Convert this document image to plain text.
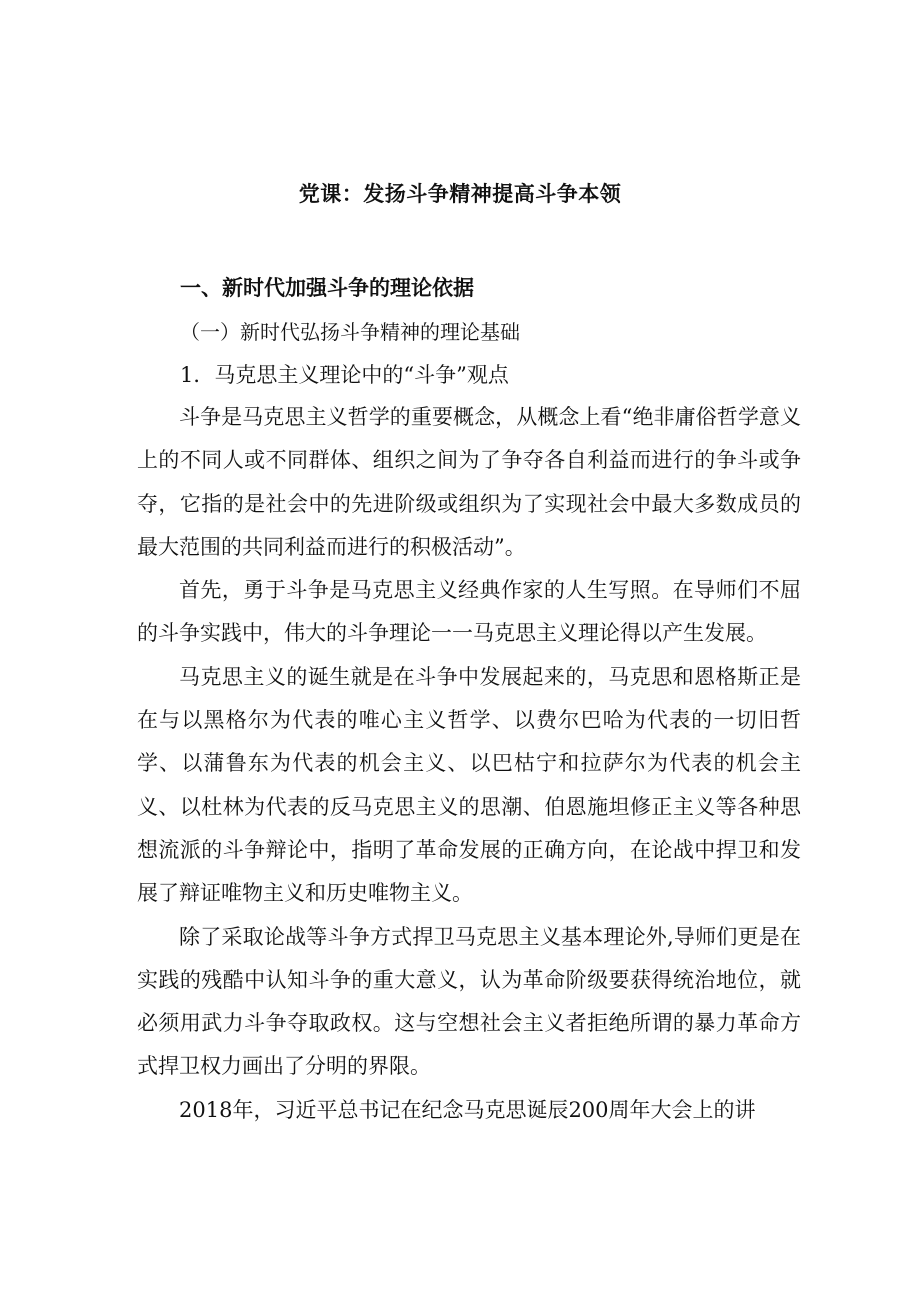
党课：发扬斗争精神提高斗争本领
一、新时代加强斗争的理论依据
（一）新时代弘扬斗争精神的理论基础
1．马克思主义理论中的“斗争”观点

斗争是马克思主义哲学的重要概念，从概念上看“绝非庸俗哲学意义上的不同人或不同群体、组织之间为了争夺各自利益而进行的争斗或争夺，它指的是社会中的先进阶级或组织为了实现社会中最大多数成员的最大范围的共同利益而进行的积极活动”。

首先，勇于斗争是马克思主义经典作家的人生写照。在导师们不屈的斗争实践中，伟大的斗争理论一一马克思主义理论得以产生发展。

马克思主义的诞生就是在斗争中发展起来的，马克思和恩格斯正是在与以黑格尔为代表的唯心主义哲学、以费尔巴哈为代表的一切旧哲学、以蒲鲁东为代表的机会主义、以巴枯宁和拉萨尔为代表的机会主义、以杜林为代表的反马克思主义的思潮、伯恩施坦修正主义等各种思想流派的斗争辩论中，指明了革命发展的正确方向，在论战中捍卫和发展了辩证唯物主义和历史唯物主义。

除了采取论战等斗争方式捍卫马克思主义基本理论外,导师们更是在实践的残酷中认知斗争的重大意义，认为革命阶级要获得统治地位，就必须用武力斗争夺取政权。这与空想社会主义者拒绝所谓的暴力革命方式捍卫权力画出了分明的界限。

2018年，习近平总书记在纪念马克思诞辰200周年大会上的讲
